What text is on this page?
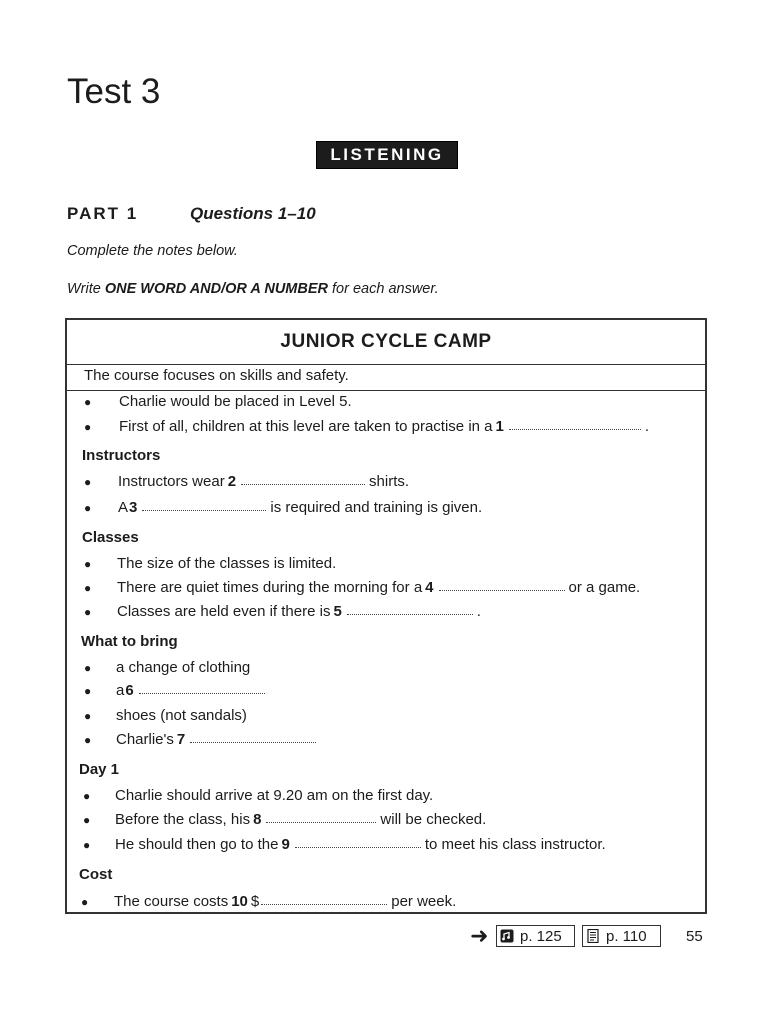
Test 3
LISTENING
PART 1	Questions 1–10
Complete the notes below.
Write ONE WORD AND/OR A NUMBER for each answer.
JUNIOR CYCLE CAMP
The course focuses on skills and safety.
● Charlie would be placed in Level 5.
● First of all, children at this level are taken to practise in a 1	.
Instructors
● Instructors wear 2	shirts.
● A 3	is required and training is given.
Classes
● The size of the classes is limited.
● There are quiet times during the morning for a 4	or a game.
● Classes are held even if there is 5	.
What to bring
● a change of clothing
● a 6
● shoes (not sandals)
● Charlie's 7
Day 1
● Charlie should arrive at 9.20 am on the first day.
● Before the class, his 8	will be checked.
● He should then go to the 9	to meet his class instructor.
Cost
● The course costs 10 $	per week.
➜ p. 125	p. 110	55
